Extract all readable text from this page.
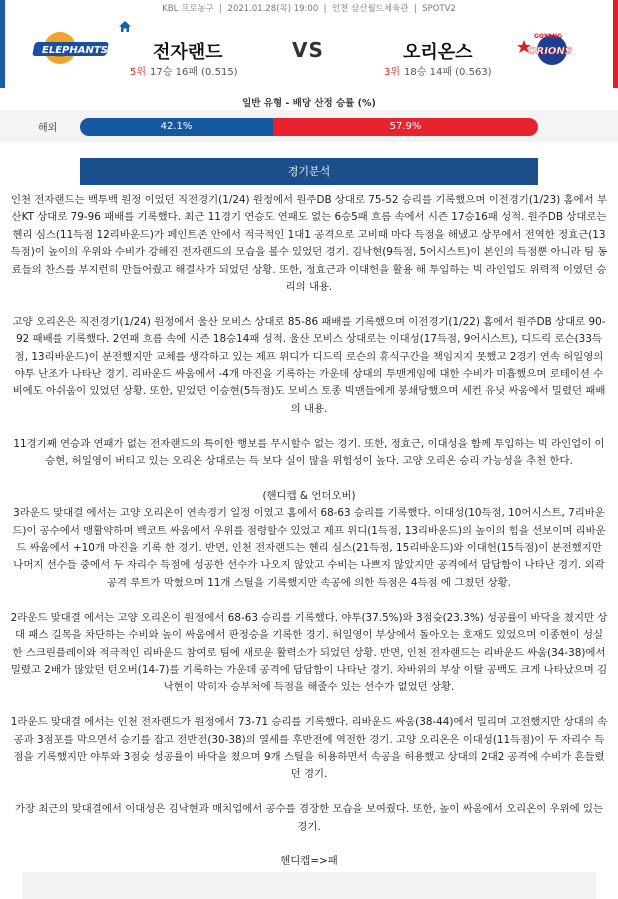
KBL 프로농구  |  2021.01.28(목) 19:00  |  인천 삼산월드체육관  |  SPOTV2
ELEPHANTS	전자랜드	VS	오리온스
5위 17승 16패 (0.515)	3위 18승 14패 (0.563)
GOYANG
ORIONS
일반 유형 - 배당 산정 승률 (%)
해외	42.1%	57.9%
경기분석

인천 전자랜드는 백투백 원정 이었던 직전경기(1/24) 원정에서 원주DB 상대로 75-52 승리를 기록했으며 이전경기(1/23) 홈에서 부산KT 상대로 79-96 패배를 기록했다. 최근 11경기 연승도 연패도 없는 6승5패 흐름 속에서 시즌 17승16패 성적. 원주DB 상대로는 헨리 심스(11득점 12리바운드)가 페인트존 안에서 적극적인 1대1 공격으로 고비때 마다 득점을 해냈고 상무에서 전역한 정효근(13득점)이 높이의 우위와 수비가 강해진 전자랜드의 모습을 볼수 있었던 경기. 김낙현(9득점, 5어시스트)이 본인의 득점뿐 아니라 팀 동료들의 찬스를 부지런히 만들어줬고 해결사가 되었던 상황. 또한, 정효근과 이대헌을 활용 해 투입하는 빅 라인업도 위력적 이였던 승리의 내용.

고양 오리온은 직전경기(1/24) 원정에서 울산 모비스 상대로 85-86 패배를 기록했으며 이전경기(1/22) 홈에서 원주DB 상대로 90-92 패배를 기록했다. 2연패 흐름 속에 시즌 18승14패 성적. 울산 모비스 상대로는 이대성(17득점, 9어시스트), 디드릭 로슨(33득점, 13리바운드)이 분전했지만 교체를 생각하고 있는 제프 위디가 디드릭 로슨의 휴식구간을 책임지지 못했고 2경기 연속 허일영의 야투 난조가 나타난 경기. 리바운드 싸움에서 -4개 마진을 기록하는 가운데 상대의 투맨게임에 대한 수비가 미흡했으며 로테이션 수비에도 아쉬움이 있었던 상황. 또한, 믿었던 이승현(5득점)도 모비스 토종 빅맨들에게 봉쇄당했으며 세컨 유닛 싸움에서 밀렸던 패배의 내용.

11경기째 연승과 연패가 없는 전자랜드의 특이한 행보를 무시할수 없는 경기. 또한, 정효근, 이대성을 함께 투입하는 빅 라인업이 이승현, 허일영이 버티고 있는 오리온 상대로는 득 보다 실이 많을 위험성이 높다. 고양 오리온 승리 가능성을 추천 한다.

(핸디캡 & 언더오버)

3라운드 맞대결 에서는 고양 오리온이 연속경기 일정 이였고 홈에서 68-63 승리를 기록했다. 이대성(10득점, 10어시스트, 7리바운드)이 공수에서 맹활약하며 백코트 싸움에서 우위를 점령할수 있었고 제프 위디(1득점, 13리바운드)의 높이의 힘을 선보이며 리바운드 싸움에서 +10개 마진을 기록 한 경기. 반면, 인천 전자랜드는 헨리 심스(21득점, 15리바운드)와 이대헌(15득점)이 분전했지만 나머지 선수들 중에서 두 자리수 득점에 성공한 선수가 나오지 않았고 수비는 나쁘지 않았지만 공격에서 답답함이 나타난 경기. 외곽 공격 루트가 막혔으며 11개 스틸을 기록했지만 속공에 의한 득점은 4득점 에 그쳤던 상황.

2라운드 맞대결 에서는 고양 오리온이 원정에서 68-63 승리를 기록했다. 야투(37.5%)와 3점슛(23.3%) 성공률이 바닥을 쳤지만 상대 패스 길목을 차단하는 수비와 높이 싸움에서 판정승을 기록한 경기. 허일영이 부상에서 돌아오는 호재도 있었으며 이종현이 성실한 스크린플레이와 적극적인 리바운드 참여로 팀에 새로운 활력소가 되었던 상황. 반면, 인천 전자랜드는 리바운드 싸움(34-38)에서 밀렸고 2배가 많았던 턴오버(14-7)를 기록하는 가운데 공격에 답답함이 나타난 경기. 차바위의 부상 이탈 공백도 크게 나타났으며 김낙현이 막히자 승부처에 득점을 해줄수 있는 선수가 없었던 상황.

1라운드 맞대결 에서는 인천 전자랜드가 원정에서 73-71 승리를 기록했다. 리바운드 싸움(38-44)에서 밀리며 고전했지만 상대의 속공과 3점포를 막으면서 승기를 잡고 전반전(30-38)의 열세를 후반전에 역전한 경기. 고양 오리온은 이대성(11득점)이 두 자리수 득점을 기록했지만 야투와 3점슛 성공률이 바닥을 쳤으며 9개 스틸을 허용하면서 속공을 허용했고 상대의 2대2 공격에 수비가 흔들렸던 경기.

가장 최근의 맞대결에서 이대성은 김낙현과 매치업에서 공수를 겸장한 모습을 보여줬다. 또한, 높이 싸움에서 오리온이 우위에 있는 경기.

핸디캡=>패
